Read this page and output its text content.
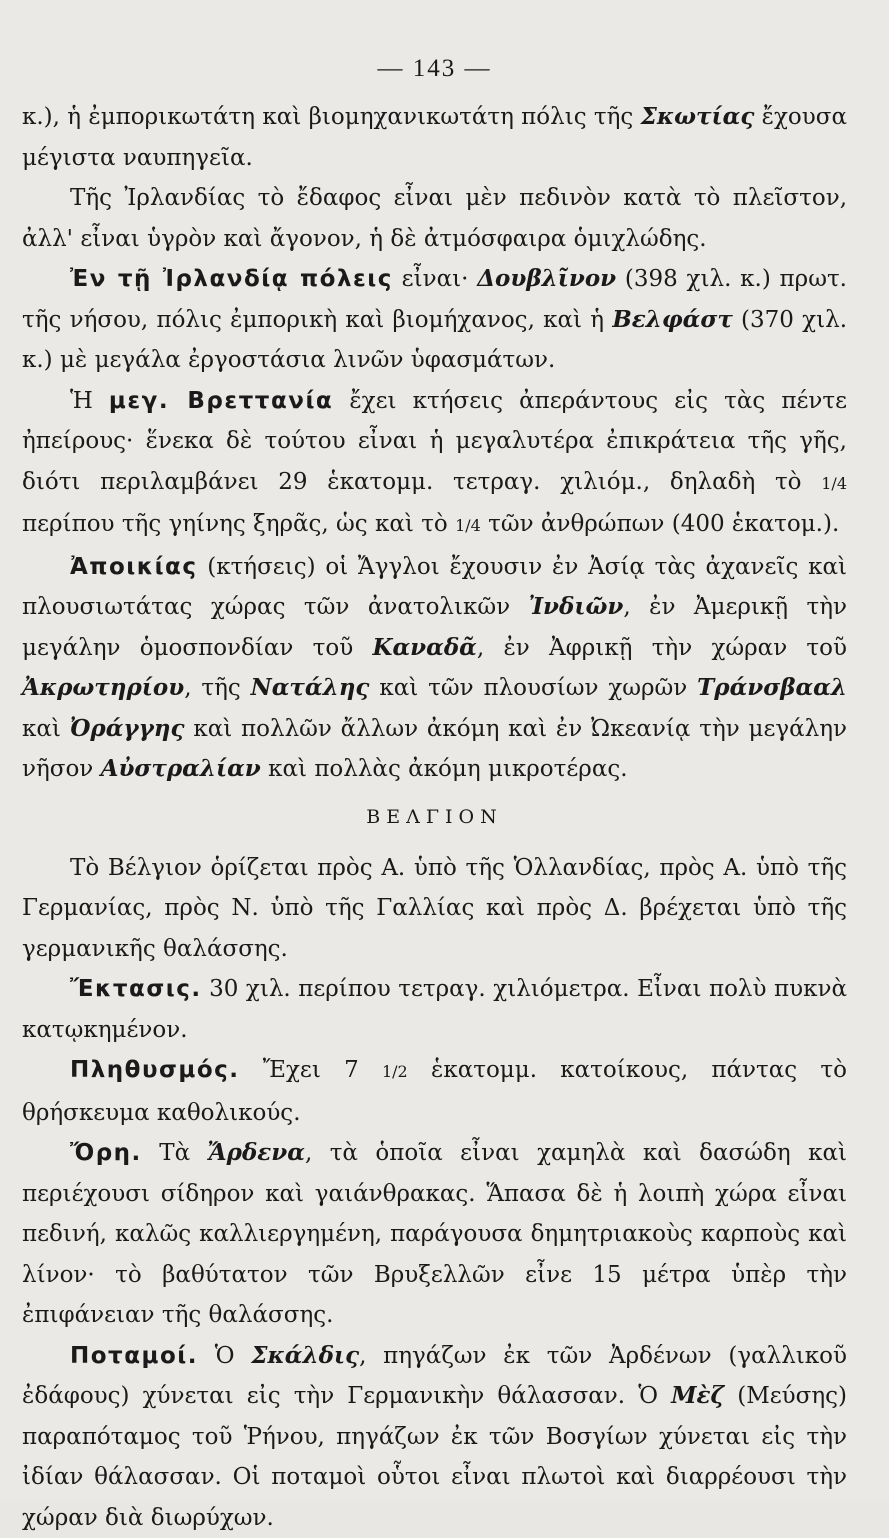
— 143 —

κ.), ἡ ἐμπορικωτάτη καὶ βιομηχανικωτάτη πόλις τῆς Σκωτίας ἔχουσα μέγιστα ναυπηγεῖα.

Τῆς Ἰρλανδίας τὸ ἔδαφος εἶναι μὲν πεδινὸν κατὰ τὸ πλεῖστον, ἀλλ' εἶναι ὑγρὸν καὶ ἄγονον, ἡ δὲ ἀτμόσφαιρα ὁμιχλώδης.

Ἐν τῇ Ἰρλανδίᾳ πόλεις εἶναι· Δουβλῖνον (398 χιλ. κ.) πρωτ. τῆς νήσου, πόλις ἐμπορικὴ καὶ βιομήχανος, καὶ ἡ Βελφάστ (370 χιλ. κ.) μὲ μεγάλα ἐργοστάσια λινῶν ὑφασμάτων.

Ἡ μεγ. Βρεττανία ἔχει κτήσεις ἀπεράντους εἰς τὰς πέντε ἠπείρους· ἕνεκα δὲ τούτου εἶναι ἡ μεγαλυτέρα ἐπικράτεια τῆς γῆς, διότι περιλαμβάνει 29 ἑκατομμ. τετραγ. χιλιόμ., δηλαδὴ τὸ 1/4 περίπου τῆς γηίνης ξηρᾶς, ὡς καὶ τὸ 1/4 τῶν ἀνθρώπων (400 ἑκατομ.).

Ἀποικίας (κτήσεις) οἱ Ἄγγλοι ἔχουσιν ἐν Ἀσίᾳ τὰς ἀχανεῖς καὶ πλουσιωτάτας χώρας τῶν ἀνατολικῶν Ἰνδιῶν, ἐν Ἀμερικῇ τὴν μεγάλην ὁμοσπονδίαν τοῦ Καναδᾶ, ἐν Ἀφρικῇ τὴν χώραν τοῦ Ἀκρωτηρίου, τῆς Νατάλης καὶ τῶν πλουσίων χωρῶν Τράνσβααλ καὶ Ὀράγγης καὶ πολλῶν ἄλλων ἀκόμη καὶ ἐν Ὠκεανίᾳ τὴν μεγάλην νῆσον Αὐστραλίαν καὶ πολλὰς ἀκόμη μικροτέρας.

ΒΕΛΓΙΟΝ

Τὸ Βέλγιον ὁρίζεται πρὸς Α. ὑπὸ τῆς Ὁλλανδίας, πρὸς Α. ὑπὸ τῆς Γερμανίας, πρὸς Ν. ὑπὸ τῆς Γαλλίας καὶ πρὸς Δ. βρέχεται ὑπὸ τῆς γερμανικῆς θαλάσσης.

Ἔκτασις. 30 χιλ. περίπου τετραγ. χιλιόμετρα. Εἶναι πολὺ πυκνὰ κατῳκημένον.

Πληθυσμός. Ἔχει 7 1/2 ἑκατομμ. κατοίκους, πάντας τὸ θρήσκευμα καθολικούς.

Ὄρη. Τὰ Ἄρδενα, τὰ ὁποῖα εἶναι χαμηλὰ καὶ δασώδη καὶ περιέχουσι σίδηρον καὶ γαιάνθρακας. Ἅπασα δὲ ἡ λοιπὴ χώρα εἶναι πεδινή, καλῶς καλλιεργημένη, παράγουσα δημητριακοὺς καρποὺς καὶ λίνον· τὸ βαθύτατον τῶν Βρυξελλῶν εἶνε 15 μέτρα ὑπὲρ τὴν ἐπιφάνειαν τῆς θαλάσσης.

Ποταμοί. Ὁ Σκάλδις, πηγάζων ἐκ τῶν Ἀρδένων (γαλλικοῦ ἐδάφους) χύνεται εἰς τὴν Γερμανικὴν θάλασσαν. Ὁ Μὲζ (Μεύσης) παραπόταμος τοῦ Ῥήνου, πηγάζων ἐκ τῶν Βοσγίων χύνεται εἰς τὴν ἰδίαν θάλασσαν. Οἱ ποταμοὶ οὗτοι εἶναι πλωτοὶ καὶ διαρρέουσι τὴν χώραν διὰ διωρύχων.
